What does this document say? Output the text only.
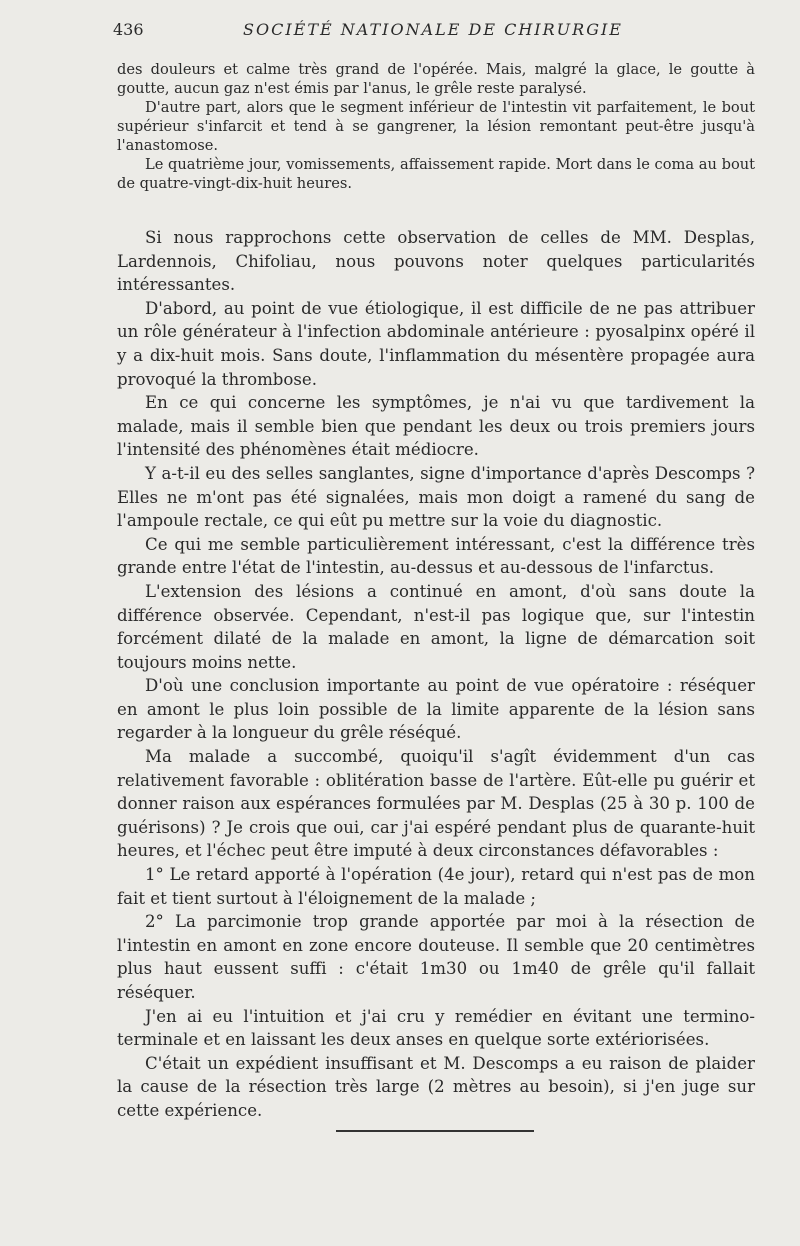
436	SOCIÉTÉ NATIONALE DE CHIRURGIE

des douleurs et calme très grand de l'opérée. Mais, malgré la glace, le goutte à goutte, aucun gaz n'est émis par l'anus, le grêle reste paralysé.

D'autre part, alors que le segment inférieur de l'intestin vit parfaitement, le bout supérieur s'infarcit et tend à se gangrener, la lésion remontant peut-être jusqu'à l'anastomose.

Le quatrième jour, vomissements, affaissement rapide. Mort dans le coma au bout de quatre-vingt-dix-huit heures.

Si nous rapprochons cette observation de celles de MM. Desplas, Lardennois, Chifoliau, nous pouvons noter quelques particularités intéressantes.

D'abord, au point de vue étiologique, il est difficile de ne pas attribuer un rôle générateur à l'infection abdominale antérieure : pyosalpinx opéré il y a dix-huit mois. Sans doute, l'inflammation du mésentère propagée aura provoqué la thrombose.

En ce qui concerne les symptômes, je n'ai vu que tardivement la malade, mais il semble bien que pendant les deux ou trois premiers jours l'intensité des phénomènes était médiocre.

Y a-t-il eu des selles sanglantes, signe d'importance d'après Descomps ? Elles ne m'ont pas été signalées, mais mon doigt a ramené du sang de l'ampoule rectale, ce qui eût pu mettre sur la voie du diagnostic.

Ce qui me semble particulièrement intéressant, c'est la différence très grande entre l'état de l'intestin, au-dessus et au-dessous de l'infarctus.

L'extension des lésions a continué en amont, d'où sans doute la différence observée. Cependant, n'est-il pas logique que, sur l'intestin forcément dilaté de la malade en amont, la ligne de démarcation soit toujours moins nette.

D'où une conclusion importante au point de vue opératoire : réséquer en amont le plus loin possible de la limite apparente de la lésion sans regarder à la longueur du grêle réséqué.

Ma malade a succombé, quoiqu'il s'agît évidemment d'un cas relativement favorable : oblitération basse de l'artère. Eût-elle pu guérir et donner raison aux espérances formulées par M. Desplas (25 à 30 p. 100 de guérisons) ? Je crois que oui, car j'ai espéré pendant plus de quarante-huit heures, et l'échec peut être imputé à deux circonstances défavorables :

1° Le retard apporté à l'opération (4e jour), retard qui n'est pas de mon fait et tient surtout à l'éloignement de la malade ;

2° La parcimonie trop grande apportée par moi à la résection de l'intestin en amont en zone encore douteuse. Il semble que 20 centimètres plus haut eussent suffi : c'était 1m30 ou 1m40 de grêle qu'il fallait réséquer.

J'en ai eu l'intuition et j'ai cru y remédier en évitant une termino-terminale et en laissant les deux anses en quelque sorte extériorisées.

C'était un expédient insuffisant et M. Descomps a eu raison de plaider la cause de la résection très large (2 mètres au besoin), si j'en juge sur cette expérience.
